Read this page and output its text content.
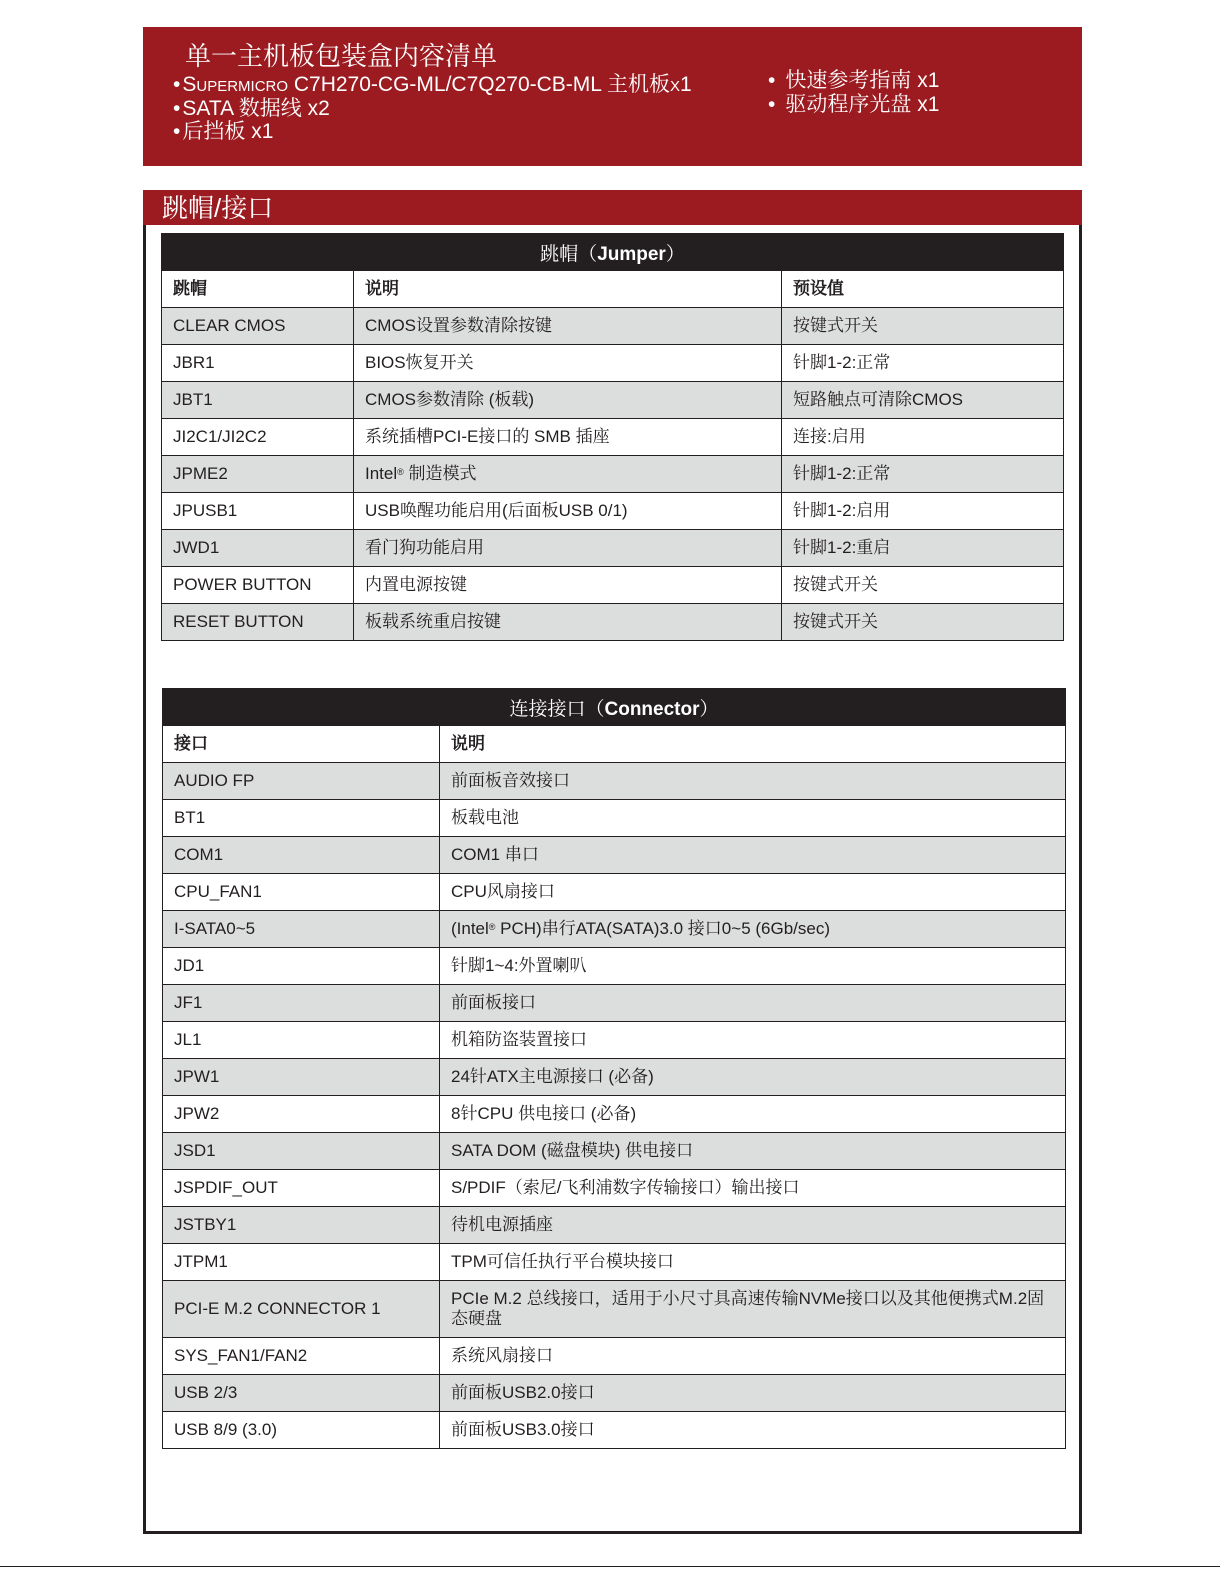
单一主机板包装盒内容清单
•Supermicro C7H270-CG-ML/C7Q270-CB-ML 主机板x1
•SATA 数据线 x2
•后挡板 x1
• 快速参考指南 x1
• 驱动程序光盘 x1
跳帽/接口
跳帽（Jumper）		
跳帽	说明	预设值
CLEAR CMOS	CMOS设置参数清除按键	按键式开关
JBR1	BIOS恢复开关	针脚1-2:正常
JBT1	CMOS参数清除 (板载)	短路触点可清除CMOS
JI2C1/JI2C2	系统插槽PCI-E接口的 SMB 插座	连接:启用
JPME2	Intel® 制造模式	针脚1-2:正常
JPUSB1	USB唤醒功能启用(后面板USB 0/1)	针脚1-2:启用
JWD1	看门狗功能启用	针脚1-2:重启
POWER BUTTON	内置电源按键	按键式开关
RESET BUTTON	板载系统重启按键	按键式开关
连接接口（Connector）	
接口	说明
AUDIO FP	前面板音效接口
BT1	板载电池
COM1	COM1 串口
CPU_FAN1	CPU风扇接口
I-SATA0~5	(Intel® PCH)串行ATA(SATA)3.0 接口0~5 (6Gb/sec)
JD1	针脚1~4:外置喇叭
JF1	前面板接口
JL1	机箱防盗装置接口
JPW1	24针ATX主电源接口 (必备)
JPW2	8针CPU 供电接口 (必备)
JSD1	SATA DOM (磁盘模块) 供电接口
JSPDIF_OUT	S/PDIF（索尼/飞利浦数字传输接口）输出接口
JSTBY1	待机电源插座
JTPM1	TPM可信任执行平台模块接口
PCI-E M.2 CONNECTOR 1	PCIe M.2 总线接口，适用于小尺寸具高速传输NVMe接口以及其他便携式M.2固态硬盘
SYS_FAN1/FAN2	系统风扇接口
USB 2/3	前面板USB2.0接口
USB 8/9 (3.0)	前面板USB3.0接口
